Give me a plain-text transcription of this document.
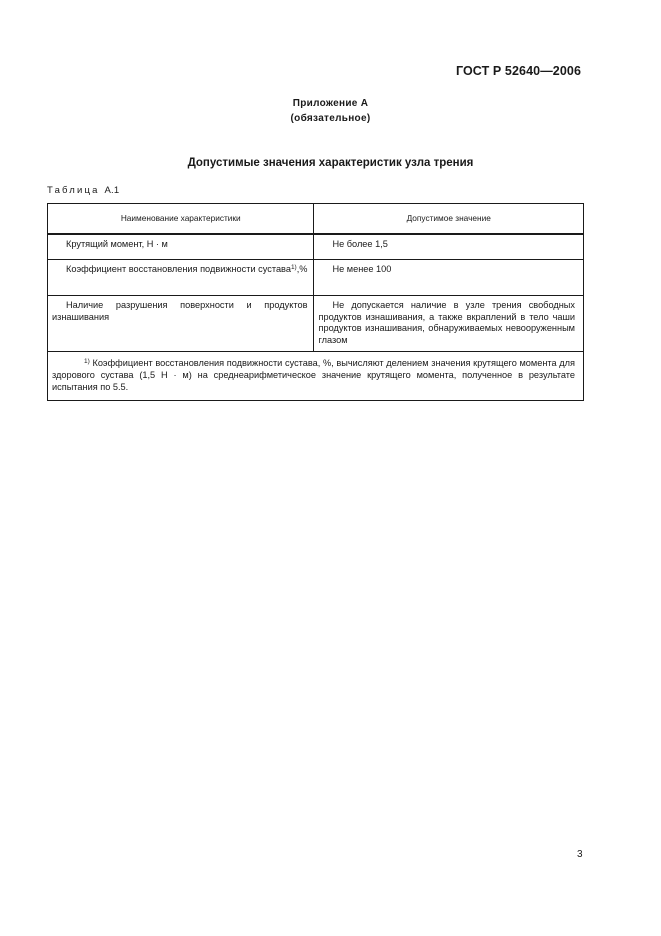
ГОСТ Р 52640—2006
Приложение А
(обязательное)
Допустимые значения характеристик узла трения
Таблица А.1
Наименование характеристики	Допустимое значение

Крутящий момент, Н · м	Не более 1,5

Коэффициент восстановления подвижности сустава$^{1)}$,%	Не менее 100

Наличие разрушения поверхности и продуктов изнашивания	Не допускается наличие в узле трения свободных продуктов изнашивания, а также вкраплений в тело чаши продуктов изнашивания, обнаруживаемых невооруженным глазом

$^{1)}$ Коэффициент восстановления подвижности сустава, %, вычисляют делением значения крутящего момента для здорового сустава (1,5 Н · м) на среднеарифметическое значение крутящего момента, полученное в результате испытания по 5.5.	
3
